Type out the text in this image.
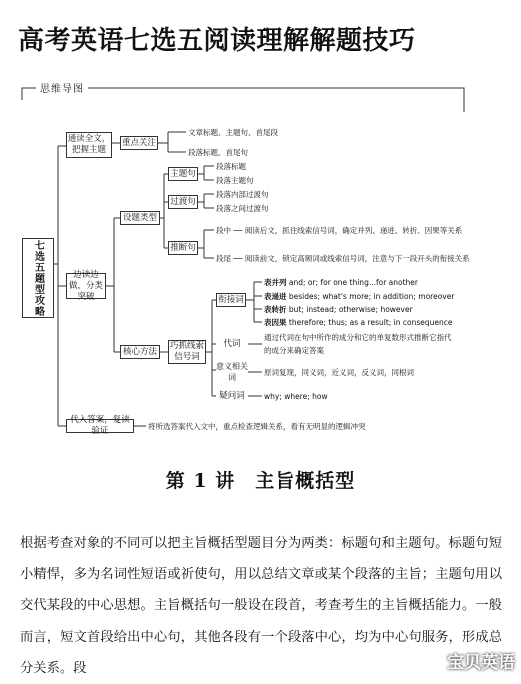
高考英语七选五阅读理解解题技巧
思维导图
七选五题型攻略
通读全文，把握主题
重点关注
文章标题、主题句、首尾段
段落标题、首尾句
边读边做，分类突破
设题类型
主题句
段落标题
段落主题句
过渡句
段落内部过渡句
段落之间过渡句
推断句
段中 ── 阅读后文，抓住线索信号词，确定并列、递进、转折、因果等关系
段尾 ── 阅读前文，锁定高频词或线索信号词，注意与下一段开头的衔接关系
核心方法
巧抓线索信号词
衔接词
表并列 and; or; for one thing...for another
表递进 besides; what's more; in addition; moreover
表转折 but; instead; otherwise; however
表因果 therefore; thus; as a result; in consequence
代词
通过代词在句中所作的成分和它的单复数形式推断它指代
的成分来确定答案
意义相关词
原词复现，同义词，近义词，反义词，同根词
疑问词	why; where; how
代入答案，复读验证	将所选答案代入文中，重点检查逻辑关系，看有无明显的逻辑冲突
第 1 讲　主旨概括型

根据考查对象的不同可以把主旨概括型题目分为两类：标题句和主题句。标题句短小精悍，多为名词性短语或祈使句，用以总结文章或某个段落的主旨；主题句用以交代某段的中心思想。主旨概括句一般设在段首，考查考生的主旨概括能力。一般而言，短文首段给出中心句，其他各段有一个段落中心，均为中心句服务，形成总分关系。段	宝贝英语
